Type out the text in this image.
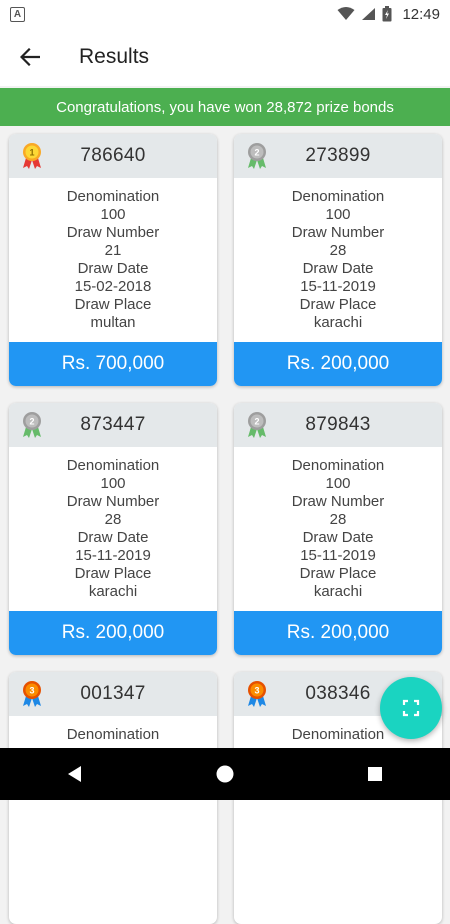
A	12:49
Results
Congratulations, you have won 28,872 prize bonds
1 786640
Denomination
100
Draw Number
21
Draw Date
15-02-2018
Draw Place
multan
Rs. 700,000
2 273899
Denomination
100
Draw Number
28
Draw Date
15-11-2019
Draw Place
karachi
Rs. 200,000
2 873447
Denomination
100
Draw Number
28
Draw Date
15-11-2019
Draw Place
karachi
Rs. 200,000
2 879843
Denomination
100
Draw Number
28
Draw Date
15-11-2019
Draw Place
karachi
Rs. 200,000
3 001347
Denomination
3 038346
Denomination
